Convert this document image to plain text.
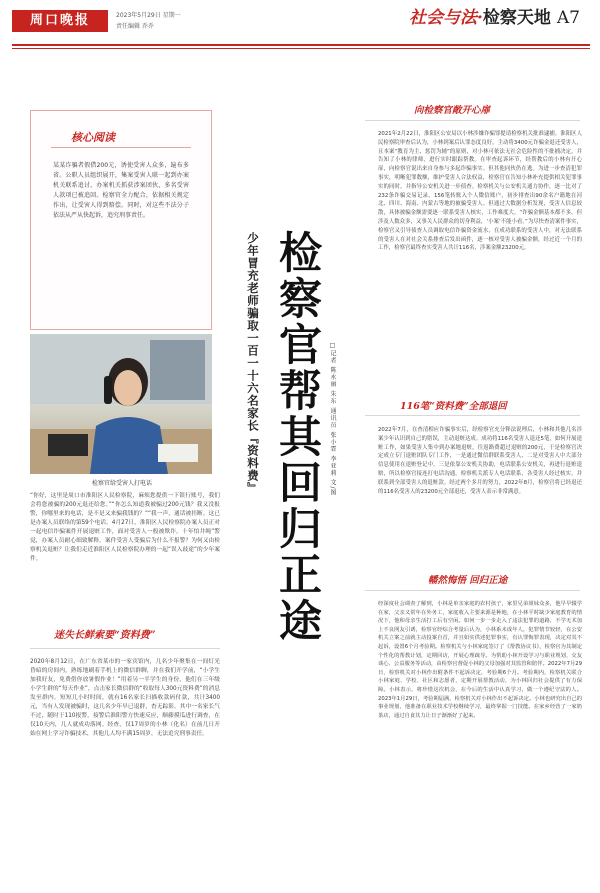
周口晚报	2023年5月29日 星期一
责任编辑 乔乔	社会与法·检察天地 A7
核心阅读
某某诈骗者假借200元，诱使受害人众多，遍布多省。公职人员组织展开，集案受害人联一起到办案机关联系追讨，办案机关抓获涉案团伙，多名受害人款项已被追回。检察官全力配合，依据相关规定作出，让受害人得到赔偿。同时，对这些不法分子依法从严从快起诉，追究刑事责任。
检察官给受害人打电话
“你好，这里是周口市淮阳区人民检察院，麻烦您提供一下银行账号，我们会将您被骗的200元退还给您。”“你怎么知道我被骗过200元钱？我又没报警，你哪里来的电话，是不是又来骗我钱的？”“我一声，通话被挂断。这已是办案人员联络的第59个电话。4月27日，淮阳区人民检察院办案人员正对一起电信诈骗案件开展退赃工作，面对受害人一般被欺诈，十年怕井绳”警觉，办案人员耐心细致解释。案件受害人受骗后为什么不报警？为何又由检察机关退赃？让我们走近淮阳区人民检察院办理的一起“误入歧途”的少年案件。
迷失长鲜索要“资料费”
2020年8月12日，在广东省某市的一家宾馆内，几名少年聚集在一间灯光昏暗的房间内，熟练地刷着手机上的微信群聊，并在我们开学前，“小学生加我好友，免费借你放暑假作业！”用着另一半学生的身份，他们在三年级小学生群的“每天作业”，点击家长微信群的“收取每人300元资料费”的消息发至群内。短短几小时时间，就有16名家长扫描收款码付款，共计3400元，当有人发现被骗时，这几名少年早已退群，杳无踪影。其中一名家长气不过，随时于110报警，接警后淮阳警方快速反应，顺藤摸瓜进行调查，在仅10天内，几人就成功落网。经查，仅17周岁的小林（化名）在前几日开始在网上学习诈骗技术，其他几人均不满15周岁，无法追究刑事责任。
检察官帮其回归正途
少年冒充老师骗取一百一十六名家长『资料费』	□记者 陈永丽 朱东 通讯员 张小霏 李亚莉 文/图
向检察官敞开心扉
2021年2月22日，淮阳区公安局以小林涉嫌诈骗罪提请检察机关批准逮捕。淮阳区人民检察院审查后认为，小林到案后认罪态度良好，主动将3400元诈骗金退还受害人，且本案“教育为主、惩罚为辅”的原则，对小林可依法无社会危险性的不批捕决定，并告知了小林的律师，进行实时跟踪帮教。在审查起诉环节，经帮教后的小林有开心扉，向检察官说出来自身参与多起诈骗事实。但其他同伙仍在逃。为进一步查清犯罪事实，明晰犯罪数额，维护受害人合法权益，检察官在告知小林补充提供相关犯罪事实的同时，并指导公安机关进一步侦查。检察机关与公安机关通力协作，逐一比对了232条诈骗交易记录，156笔转账入个人微信账户，初步排查出90余名户籍地在河北、四川、海南、内蒙古等地的被骗受害人。但通过大数据分析发现，受害人信息较散，具体被骗金额需要逐一联系受害人核实，工作难度大。“诈骗金额基本都不多，但涉及人数众多，又事关人民群众的切身利益，‘小案’不能小看。”为尽快查清案件事实，检察官又引导侦查人员调取电信诈骗资金流水，在成功联系的受害人中，对无法联系的受害人在对社会关系排查后发出函件，逐一核对受害人被骗金额，经过近一个月的工作，检察官最终查实受害人共计116名，涉案金额23200元。
116笔“资料费”全部退回
2022年7月，在查清相应诈骗事实后，经检察官充分释法说理后，小林和其他几名涉案少年认识到自己的错误，主动退赃达成。成功将116名受害人退还5笔，如何开展退赃工作，如果受害人集中到办案地退赃，往返路费超过退赃的200元，于是检察官决定成立专门退赃团队专门工作，一是通过微信群联系受害人，二是对受害人中大部分信息使用在退赃登记中，三是依靠公安机关协助，电话联系公安机关，再进行退赃退赔，所以检察官接连打电话沟通。检察机关派专人电话联系，各受害人经过核实，并联系到全部受害人的退赃款。经过两个多月的努力，2022年8月，检察官将已经退还的116名受害人的23200元全部退还，受害人表示非常满意。
幡然悔悟 回归正途
经深度社会调查了解到，小林是单亲家庭的农村孩子，家里兄弟姐妹众多，他早早辍学在家，父亲又常年在外务工，家庭收入主要来源是种地，在小林平时缺少家庭教育的情况下，他和母亲生活打工后有空闲。如何一步一步走入了违法犯罪的道路，不学无术加上不良网友引诱，检察官经综合考量后认为，小林系未成年人，犯罪情节较轻，在公安机关立案之前就主动投案自首，并且如实供述犯罪事实，有认罪悔罪表现，决定对其不起诉，设置6个月考验期。检察机关与小林家庭签订了《帮教协议书》，检察官为其制定个性化的帮教计划，定期回访，开展心理疏导。为帮助小林开设学习与职业规划、交友谈心、公益服务等活动，由检察官督促小林的父母加强对其监管和陪伴。2022年7月29日，检察机关对小林作出附条件不起诉决定，考验期6个月。考验期内，检察机关联合小林家庭、学校、社区和志愿者，定期开展帮教活动，为小林回归社会提供了有力保障。小林表示，将珍惜这次机会，在今后的生活中认真学习，做一个遵纪守法的人。2023年1月29日，考验期届满，检察机关对小林作出不起诉决定。小林也研究出自己的事业规划，他准备在职业技术学校继续学习，最终掌握一门技能。在家乡经营了一家奶茶店，通过自食其力让日子渐渐好了起来。
